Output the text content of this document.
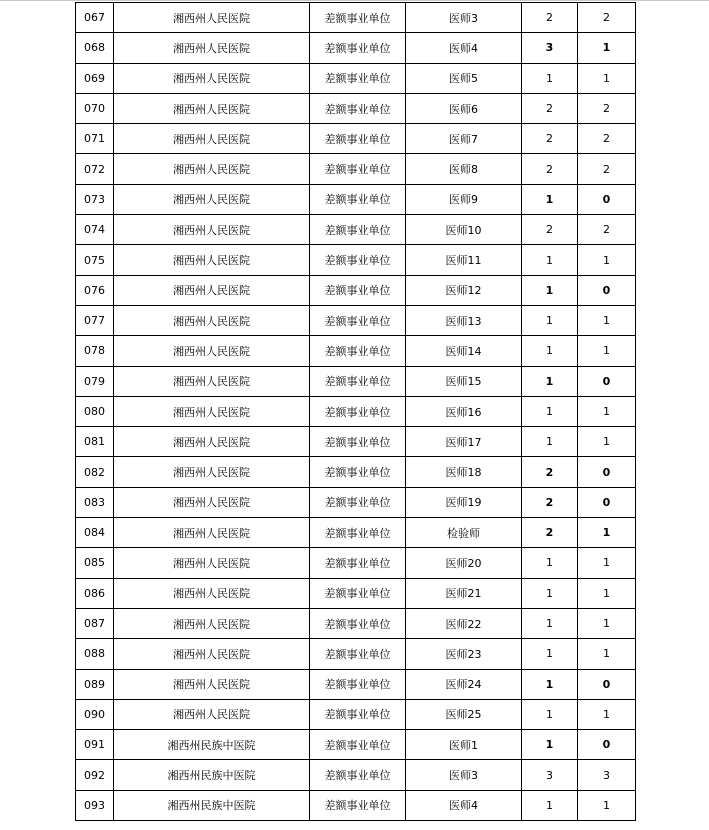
067	湘西州人民医院	差额事业单位	医师3	2	2
068	湘西州人民医院	差额事业单位	医师4	3	1
069	湘西州人民医院	差额事业单位	医师5	1	1
070	湘西州人民医院	差额事业单位	医师6	2	2
071	湘西州人民医院	差额事业单位	医师7	2	2
072	湘西州人民医院	差额事业单位	医师8	2	2
073	湘西州人民医院	差额事业单位	医师9	1	0
074	湘西州人民医院	差额事业单位	医师10	2	2
075	湘西州人民医院	差额事业单位	医师11	1	1
076	湘西州人民医院	差额事业单位	医师12	1	0
077	湘西州人民医院	差额事业单位	医师13	1	1
078	湘西州人民医院	差额事业单位	医师14	1	1
079	湘西州人民医院	差额事业单位	医师15	1	0
080	湘西州人民医院	差额事业单位	医师16	1	1
081	湘西州人民医院	差额事业单位	医师17	1	1
082	湘西州人民医院	差额事业单位	医师18	2	0
083	湘西州人民医院	差额事业单位	医师19	2	0
084	湘西州人民医院	差额事业单位	检验师	2	1
085	湘西州人民医院	差额事业单位	医师20	1	1
086	湘西州人民医院	差额事业单位	医师21	1	1
087	湘西州人民医院	差额事业单位	医师22	1	1
088	湘西州人民医院	差额事业单位	医师23	1	1
089	湘西州人民医院	差额事业单位	医师24	1	0
090	湘西州人民医院	差额事业单位	医师25	1	1
091	湘西州民族中医院	差额事业单位	医师1	1	0
092	湘西州民族中医院	差额事业单位	医师3	3	3
093	湘西州民族中医院	差额事业单位	医师4	1	1
